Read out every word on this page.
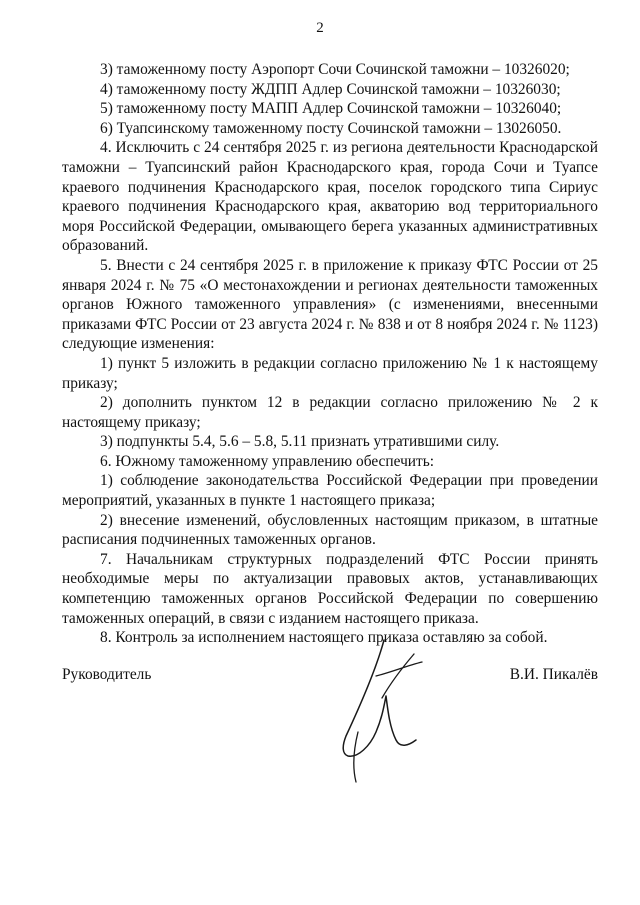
2

3) таможенному посту Аэропорт Сочи Сочинской таможни – 10326020;

4) таможенному посту ЖДПП Адлер Сочинской таможни – 10326030;

5) таможенному посту МАПП Адлер Сочинской таможни – 10326040;

6) Туапсинскому таможенному посту Сочинской таможни – 13026050.

4. Исключить с 24 сентября 2025 г. из региона деятельности Краснодарской таможни – Туапсинский район Краснодарского края, города Сочи и Туапсе краевого подчинения Краснодарского края, поселок городского типа Сириус краевого подчинения Краснодарского края, акваторию вод территориального моря Российской Федерации, омывающего берега указанных административных образований.

5. Внести с 24 сентября 2025 г. в приложение к приказу ФТС России от 25 января 2024 г. № 75 «О местонахождении и регионах деятельности таможенных органов Южного таможенного управления» (с изменениями, внесенными приказами ФТС России от 23 августа 2024 г. № 838 и от 8 ноября 2024 г. № 1123) следующие изменения:

1) пункт 5 изложить в редакции согласно приложению № 1 к настоящему приказу;

2) дополнить пунктом 12 в редакции согласно приложению № 2 к настоящему приказу;

3) подпункты 5.4, 5.6 – 5.8, 5.11 признать утратившими силу.

6. Южному таможенному управлению обеспечить:

1) соблюдение законодательства Российской Федерации при проведении мероприятий, указанных в пункте 1 настоящего приказа;

2) внесение изменений, обусловленных настоящим приказом, в штатные расписания подчиненных таможенных органов.

7. Начальникам структурных подразделений ФТС России принять необходимые меры по актуализации правовых актов, устанавливающих компетенцию таможенных органов Российской Федерации по совершению таможенных операций, в связи с изданием настоящего приказа.

8. Контроль за исполнением настоящего приказа оставляю за собой.

Руководитель	В.И. Пикалёв
